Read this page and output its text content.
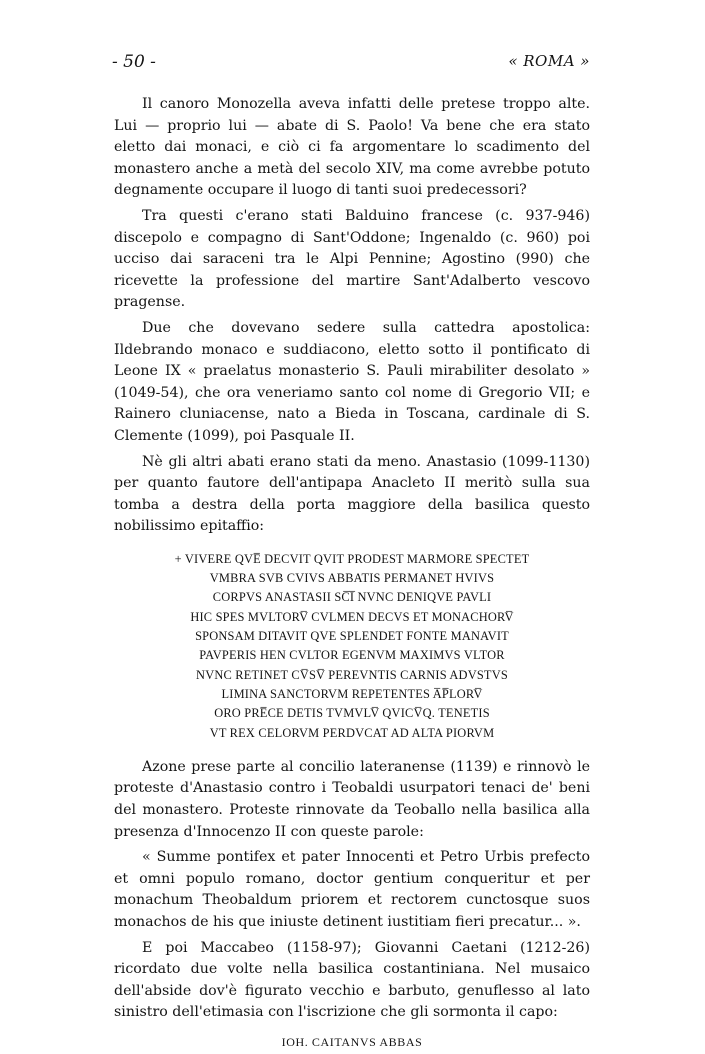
- 50 -	« ROMA »

Il canoro Monozella aveva infatti delle pretese troppo alte. Lui — proprio lui — abate di S. Paolo! Va bene che era stato eletto dai monaci, e ciò ci fa argomentare lo scadimento del monastero anche a metà del secolo XIV, ma come avrebbe potuto degnamente occupare il luogo di tanti suoi predecessori?

Tra questi c'erano stati Balduino francese (c. 937-946) discepolo e compagno di Sant'Oddone; Ingenaldo (c. 960) poi ucciso dai saraceni tra le Alpi Pennine; Agostino (990) che ricevette la professione del martire Sant'Adalberto vescovo pragense.

Due che dovevano sedere sulla cattedra apostolica: Ildebrando monaco e suddiacono, eletto sotto il pontificato di Leone IX « praelatus monasterio S. Pauli mirabiliter desolato » (1049-54), che ora veneriamo santo col nome di Gregorio VII; e Rainero cluniacense, nato a Bieda in Toscana, cardinale di S. Clemente (1099), poi Pasquale II.

Nè gli altri abati erano stati da meno. Anastasio (1099-1130) per quanto fautore dell'antipapa Anacleto II meritò sulla sua tomba a destra della porta maggiore della basilica questo nobilissimo epitaffio:

+ VIVERE QVE̅ DECVIT QVIT PRODEST MARMORE SPECTET
VMBRA SVB CVIVS ABBATIS PERMANET HVIVS
CORPVS ANASTASII SC̅I̅ NVNC DENIQVE PAVLI
HIC SPES MVLTORV̅ CVLMEN DECVS ET MONACHORV̅
SPONSAM DITAVIT QVE SPLENDET FONTE MANAVIT
PAVPERIS HEN CVLTOR EGENVM MAXIMVS VLTOR
NVNC RETINET CV̅SV̅ PEREVNTIS CARNIS ADVSTVS
LIMINA SANCTORVM REPETENTES A̅P̅LORV̅
ORO PRE̅CE DETIS TVMVLV̅ QVICV̅Q. TENETIS
VT REX CELORVM PERDVCAT AD ALTA PIORVM

Azone prese parte al concilio lateranense (1139) e rinnovò le proteste d'Anastasio contro i Teobaldi usurpatori tenaci de' beni del monastero. Proteste rinnovate da Teoballo nella basilica alla presenza d'Innocenzo II con queste parole:

« Summe pontifex et pater Innocenti et Petro Urbis prefecto et omni populo romano, doctor gentium conqueritur et per monachum Theobaldum priorem et rectorem cunctosque suos monachos de his que iniuste detinent iustitiam fieri precatur... ».

E poi Maccabeo (1158-97); Giovanni Caetani (1212-26) ricordato due volte nella basilica costantiniana. Nel musaico dell'abside dov'è figurato vecchio e barbuto, genuflesso al lato sinistro dell'etimasia con l'iscrizione che gli sormonta il capo:

IOH. CAITANVS ABBAS
